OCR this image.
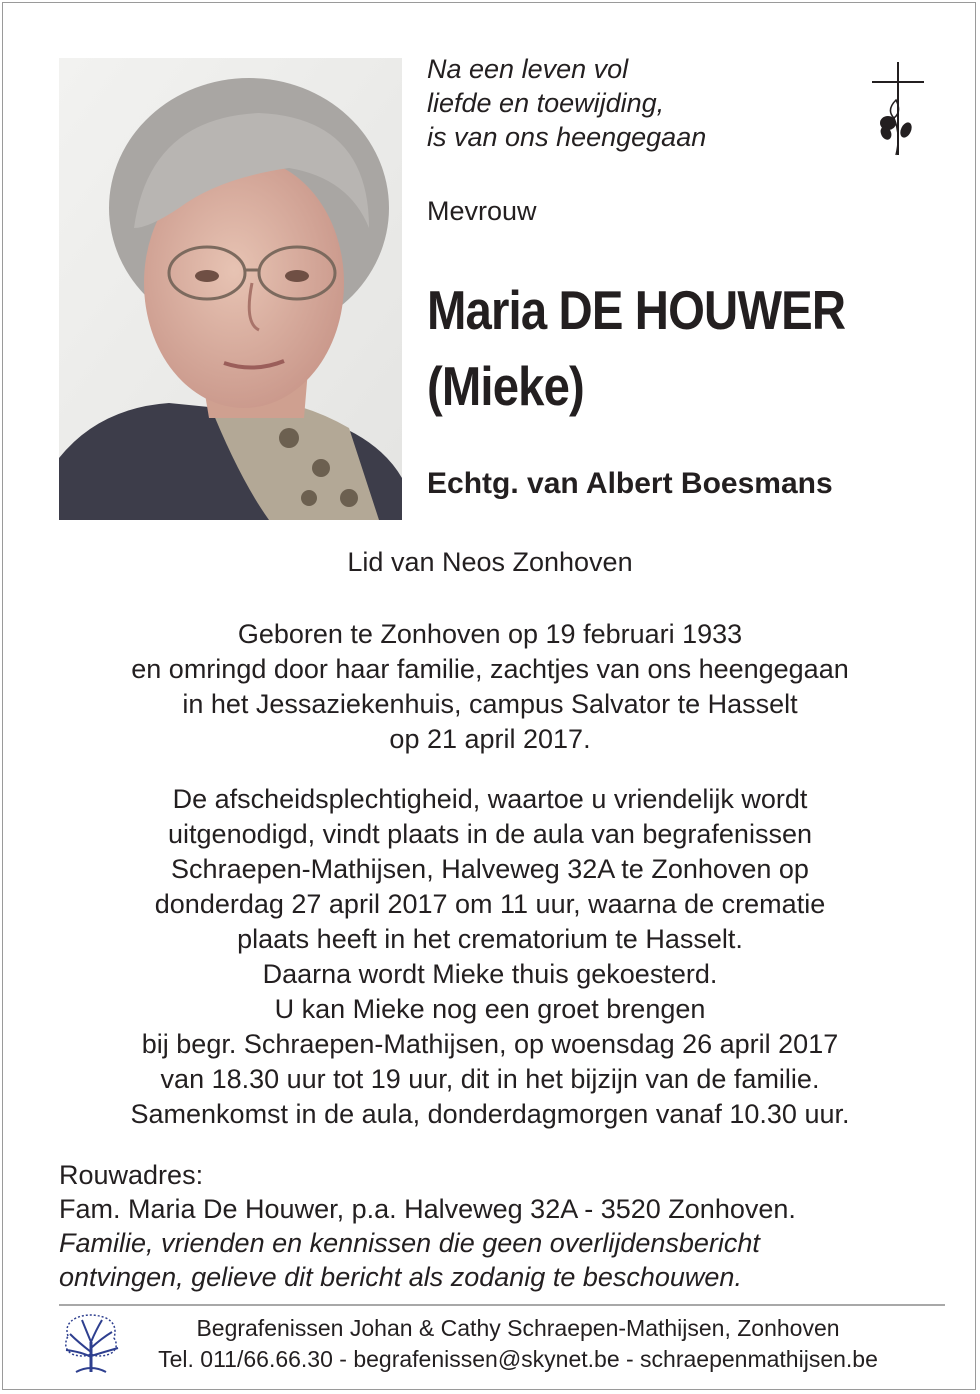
Na een leven vol
liefde en toewijding,
is van ons heengegaan
Mevrouw
Maria DE HOUWER
(Mieke)
Echtg. van Albert Boesmans
Lid van Neos Zonhoven
Geboren te Zonhoven op 19 februari 1933
en omringd door haar familie, zachtjes van ons heengegaan
in het Jessaziekenhuis, campus Salvator te Hasselt
op 21 april 2017.
De afscheidsplechtigheid, waartoe u vriendelijk wordt
uitgenodigd, vindt plaats in de aula van begrafenissen
Schraepen-Mathijsen, Halveweg 32A te Zonhoven op
donderdag 27 april 2017 om 11 uur, waarna de crematie
plaats heeft in het crematorium te Hasselt.
Daarna wordt Mieke thuis gekoesterd.
U kan Mieke nog een groet brengen
bij begr. Schraepen-Mathijsen, op woensdag 26 april 2017
van 18.30 uur tot 19 uur, dit in het bijzijn van de familie.
Samenkomst in de aula, donderdagmorgen vanaf 10.30 uur.
Rouwadres:
Fam. Maria De Houwer, p.a. Halveweg 32A - 3520 Zonhoven.
Familie, vrienden en kennissen die geen overlijdensbericht
ontvingen, gelieve dit bericht als zodanig te beschouwen.
Begrafenissen Johan & Cathy Schraepen-Mathijsen, Zonhoven
Tel. 011/66.66.30 - begrafenissen@skynet.be - schraepenmathijsen.be
